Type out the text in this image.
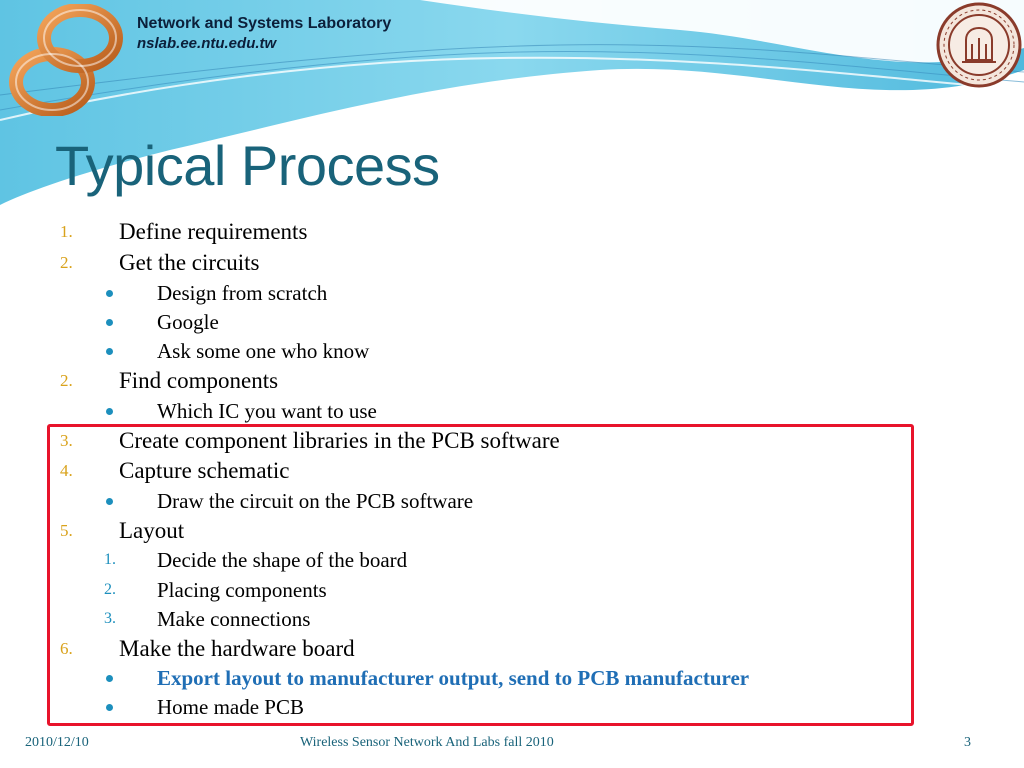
Network and Systems Laboratory
nslab.ee.ntu.edu.tw
Typical Process
1. Define requirements
2. Get the circuits
Design from scratch
Google
Ask some one who know
2. Find components
Which IC you want to use
3. Create component libraries in the PCB software
4. Capture schematic
Draw the circuit on the PCB software
5. Layout
1. Decide the shape of the board
2. Placing components
3. Make connections
6. Make the hardware board
Export layout to manufacturer output, send to PCB manufacturer
Home made PCB
2010/12/10	Wireless Sensor Network And Labs fall 2010	3
